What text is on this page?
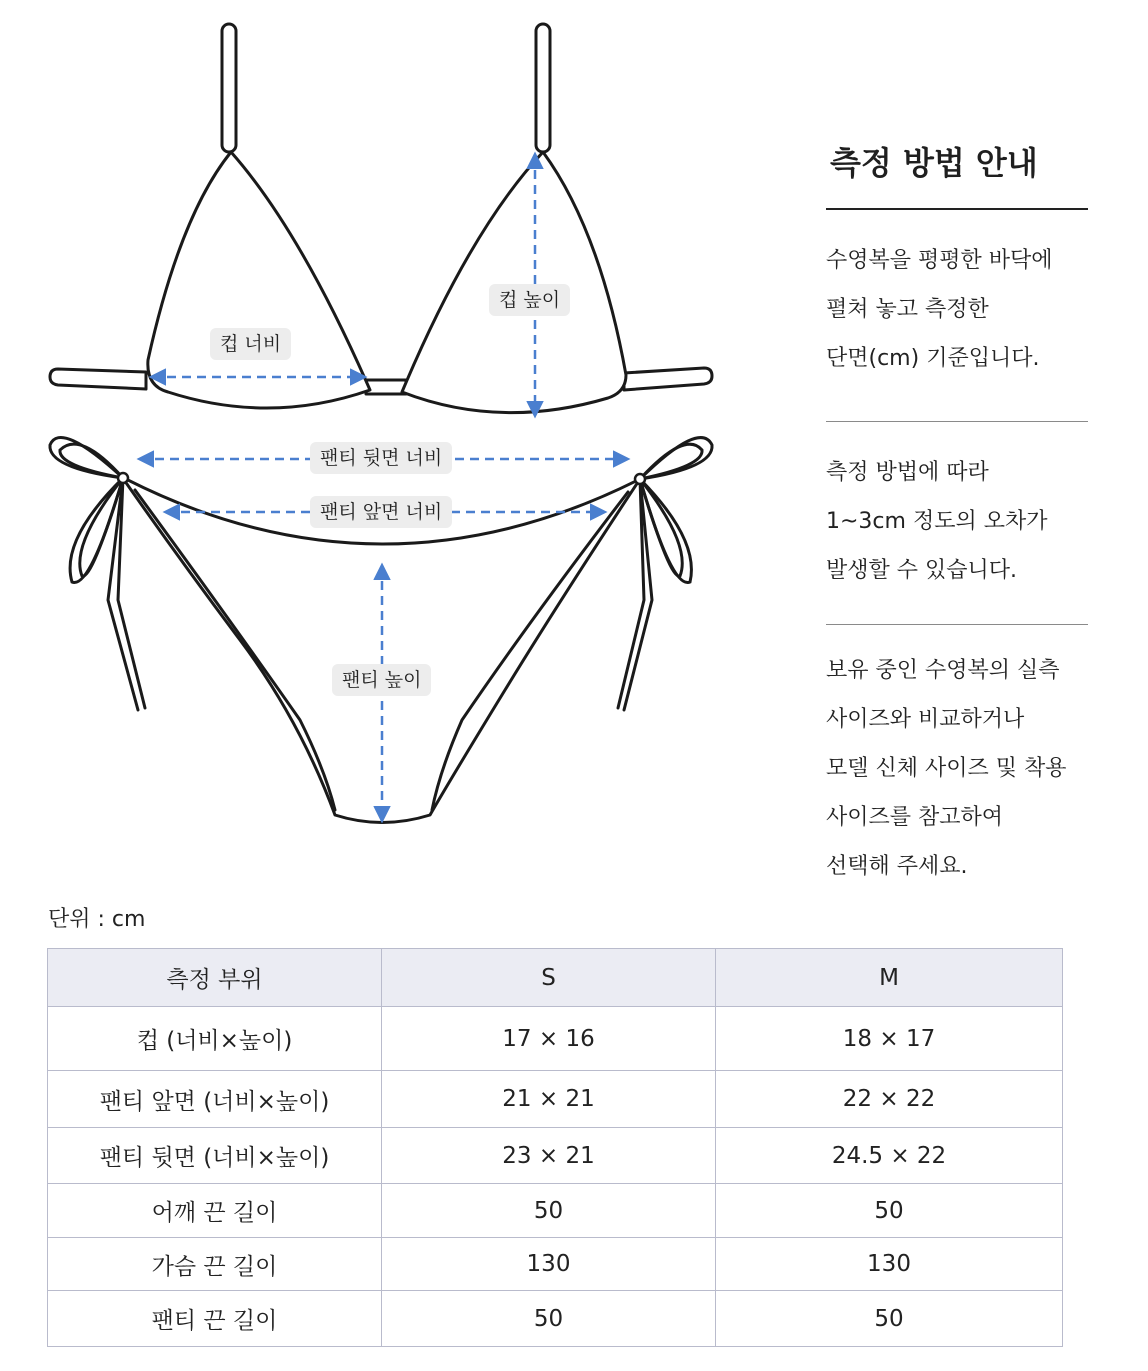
컵 너비
컵 높이
팬티 뒷면 너비
팬티 앞면 너비
팬티 높이
측정 방법 안내

수영복을 평평한 바닥에
펼쳐 놓고 측정한
단면(cm) 기준입니다.

측정 방법에 따라
1~3cm 정도의 오차가
발생할 수 있습니다.

보유 중인 수영복의 실측
사이즈와 비교하거나
모델 신체 사이즈 및 착용
사이즈를 참고하여
선택해 주세요.

단위 : cm
측정 부위	S	M
컵 (너비×높이)	17 × 16	18 × 17
팬티 앞면 (너비×높이)	21 × 21	22 × 22
팬티 뒷면 (너비×높이)	23 × 21	24.5 × 22
어깨 끈 길이	50	50
가슴 끈 길이	130	130
팬티 끈 길이	50	50
